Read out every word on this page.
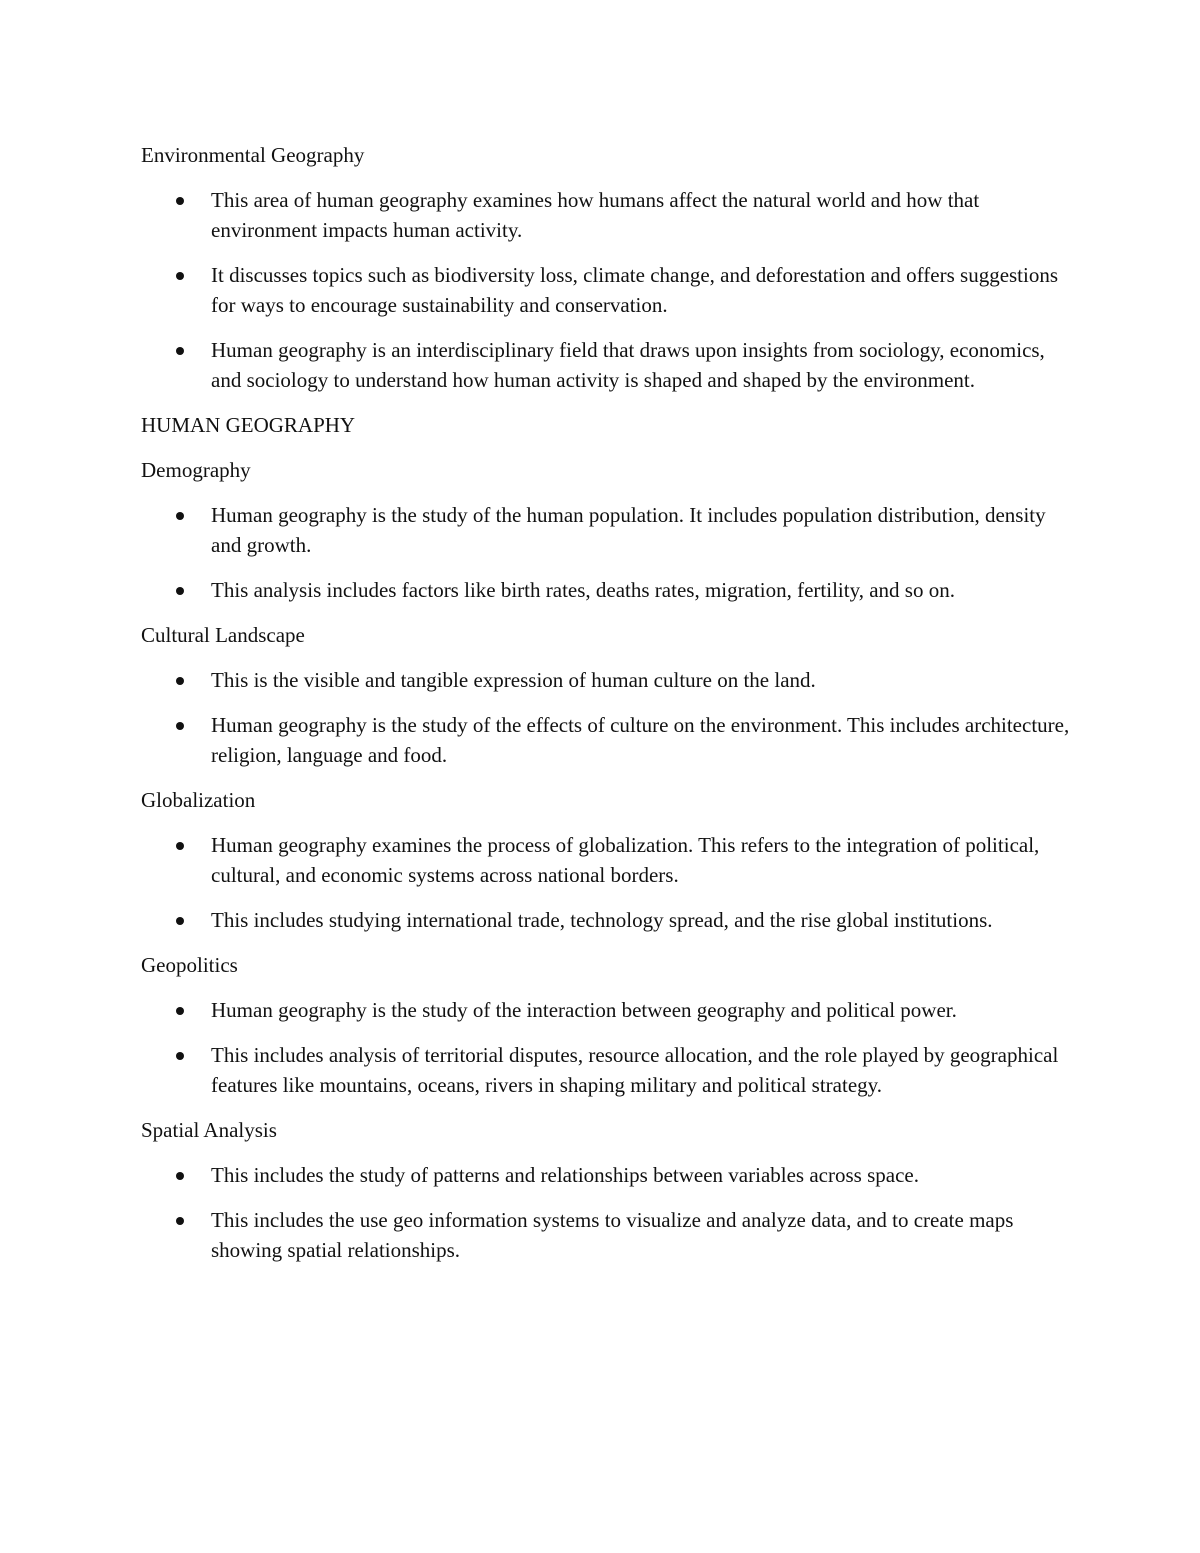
Environmental Geography
This area of human geography examines how humans affect the natural world and how that environment impacts human activity.
It discusses topics such as biodiversity loss, climate change, and deforestation and offers suggestions for ways to encourage sustainability and conservation.
Human geography is an interdisciplinary field that draws upon insights from sociology, economics, and sociology to understand how human activity is shaped and shaped by the environment.
HUMAN GEOGRAPHY
Demography
Human geography is the study of the human population. It includes population distribution, density and growth.
This analysis includes factors like birth rates, deaths rates, migration, fertility, and so on.
Cultural Landscape
This is the visible and tangible expression of human culture on the land.
Human geography is the study of the effects of culture on the environment. This includes architecture, religion, language and food.
Globalization
Human geography examines the process of globalization. This refers to the integration of political, cultural, and economic systems across national borders.
This includes studying international trade, technology spread, and the rise global institutions.
Geopolitics
Human geography is the study of the interaction between geography and political power.
This includes analysis of territorial disputes, resource allocation, and the role played by geographical features like mountains, oceans, rivers in shaping military and political strategy.
Spatial Analysis
This includes the study of patterns and relationships between variables across space.
This includes the use geo information systems to visualize and analyze data, and to create maps showing spatial relationships.
